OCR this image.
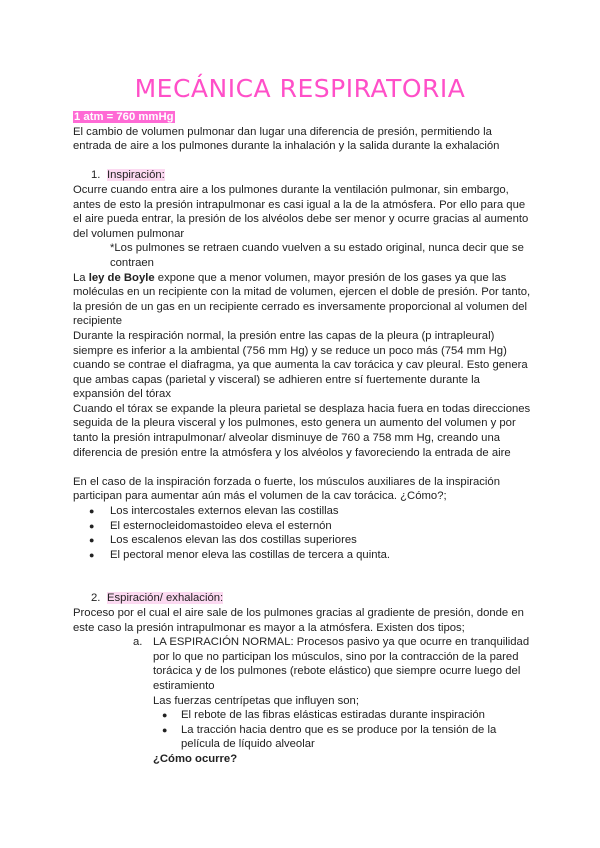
MECÁNICA RESPIRATORIA

1 atm = 760 mmHg

El cambio de volumen pulmonar dan lugar una diferencia de presión, permitiendo la entrada de aire a los pulmones durante la inhalación y la salida durante la exhalación

1. Inspiración:

Ocurre cuando entra aire a los pulmones durante la ventilación pulmonar, sin embargo, antes de esto la presión intrapulmonar es casi igual a la de la atmósfera. Por ello para que el aire pueda entrar, la presión de los alvéolos debe ser menor y ocurre gracias al aumento del volumen pulmonar

*Los pulmones se retraen cuando vuelven a su estado original, nunca decir que se contraen

La ley de Boyle expone que a menor volumen, mayor presión de los gases ya que las moléculas en un recipiente con la mitad de volumen, ejercen el doble de presión. Por tanto, la presión de un gas en un recipiente cerrado es inversamente proporcional al volumen del recipiente

Durante la respiración normal, la presión entre las capas de la pleura (p intrapleural) siempre es inferior a la ambiental (756 mm Hg) y se reduce un poco más (754 mm Hg) cuando se contrae el diafragma, ya que aumenta la cav torácica y cav pleural. Esto genera que ambas capas (parietal y visceral) se adhieren entre sí fuertemente durante la expansión del tórax

Cuando el tórax se expande la pleura parietal se desplaza hacia fuera en todas direcciones seguida de la pleura visceral y los pulmones, esto genera un aumento del volumen y por tanto la presión intrapulmonar/ alveolar disminuye de 760 a 758 mm Hg, creando una diferencia de presión entre la atmósfera y los alvéolos y favoreciendo la entrada de aire

En el caso de la inspiración forzada o fuerte, los músculos auxiliares de la inspiración participan para aumentar aún más el volumen de la cav torácica. ¿Cómo?;

● Los intercostales externos elevan las costillas
● El esternocleidomastoideo eleva el esternón
● Los escalenos elevan las dos costillas superiores
● El pectoral menor eleva las costillas de tercera a quinta.

2. Espiración/ exhalación:

Proceso por el cual el aire sale de los pulmones gracias al gradiente de presión, donde en este caso la presión intrapulmonar es mayor a la atmósfera. Existen dos tipos;

a. LA ESPIRACIÓN NORMAL: Procesos pasivo ya que ocurre en tranquilidad por lo que no participan los músculos, sino por la contracción de la pared torácica y de los pulmones (rebote elástico) que siempre ocurre luego del estiramiento

Las fuerzas centrípetas que influyen son;

● El rebote de las fibras elásticas estiradas durante inspiración
● La tracción hacia dentro que es se produce por la tensión de la película de líquido alveolar

¿Cómo ocurre?
